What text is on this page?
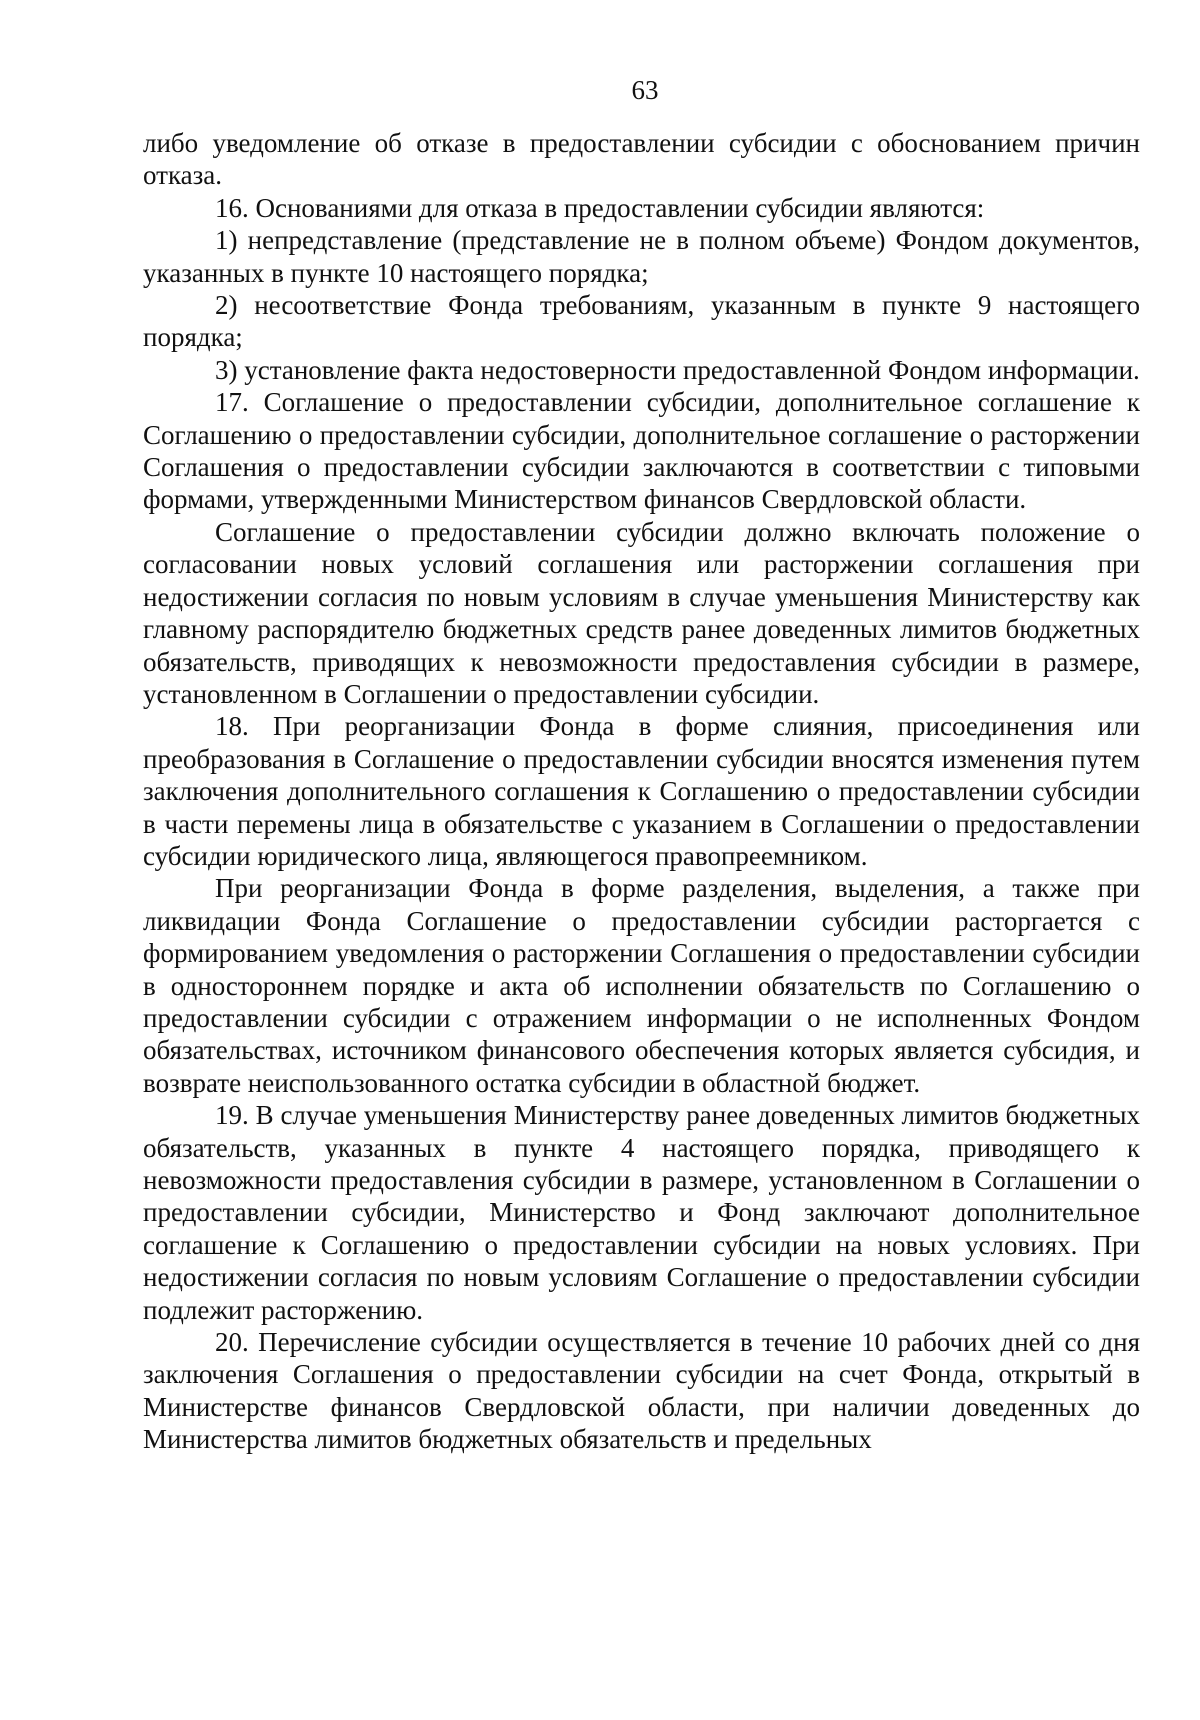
63

либо уведомление об отказе в предоставлении субсидии с обоснованием причин отказа.

16. Основаниями для отказа в предоставлении субсидии являются:

1) непредставление (представление не в полном объеме) Фондом документов, указанных в пункте 10 настоящего порядка;

2) несоответствие Фонда требованиям, указанным в пункте 9 настоящего порядка;

3) установление факта недостоверности предоставленной Фондом информации.

17. Соглашение о предоставлении субсидии, дополнительное соглашение к Соглашению о предоставлении субсидии, дополнительное соглашение о расторжении Соглашения о предоставлении субсидии заключаются в соответствии с типовыми формами, утвержденными Министерством финансов Свердловской области.

Соглашение о предоставлении субсидии должно включать положение о согласовании новых условий соглашения или расторжении соглашения при недостижении согласия по новым условиям в случае уменьшения Министерству как главному распорядителю бюджетных средств ранее доведенных лимитов бюджетных обязательств, приводящих к невозможности предоставления субсидии в размере, установленном в Соглашении о предоставлении субсидии.

18. При реорганизации Фонда в форме слияния, присоединения или преобразования в Соглашение о предоставлении субсидии вносятся изменения путем заключения дополнительного соглашения к Соглашению о предоставлении субсидии в части перемены лица в обязательстве с указанием в Соглашении о предоставлении субсидии юридического лица, являющегося правопреемником.

При реорганизации Фонда в форме разделения, выделения, а также при ликвидации Фонда Соглашение о предоставлении субсидии расторгается с формированием уведомления о расторжении Соглашения о предоставлении субсидии в одностороннем порядке и акта об исполнении обязательств по Соглашению о предоставлении субсидии с отражением информации о не исполненных Фондом обязательствах, источником финансового обеспечения которых является субсидия, и возврате неиспользованного остатка субсидии в областной бюджет.

19. В случае уменьшения Министерству ранее доведенных лимитов бюджетных обязательств, указанных в пункте 4 настоящего порядка, приводящего к невозможности предоставления субсидии в размере, установленном в Соглашении о предоставлении субсидии, Министерство и Фонд заключают дополнительное соглашение к Соглашению о предоставлении субсидии на новых условиях. При недостижении согласия по новым условиям Соглашение о предоставлении субсидии подлежит расторжению.

20. Перечисление субсидии осуществляется в течение 10 рабочих дней со дня заключения Соглашения о предоставлении субсидии на счет Фонда, открытый в Министерстве финансов Свердловской области, при наличии доведенных до Министерства лимитов бюджетных обязательств и предельных
